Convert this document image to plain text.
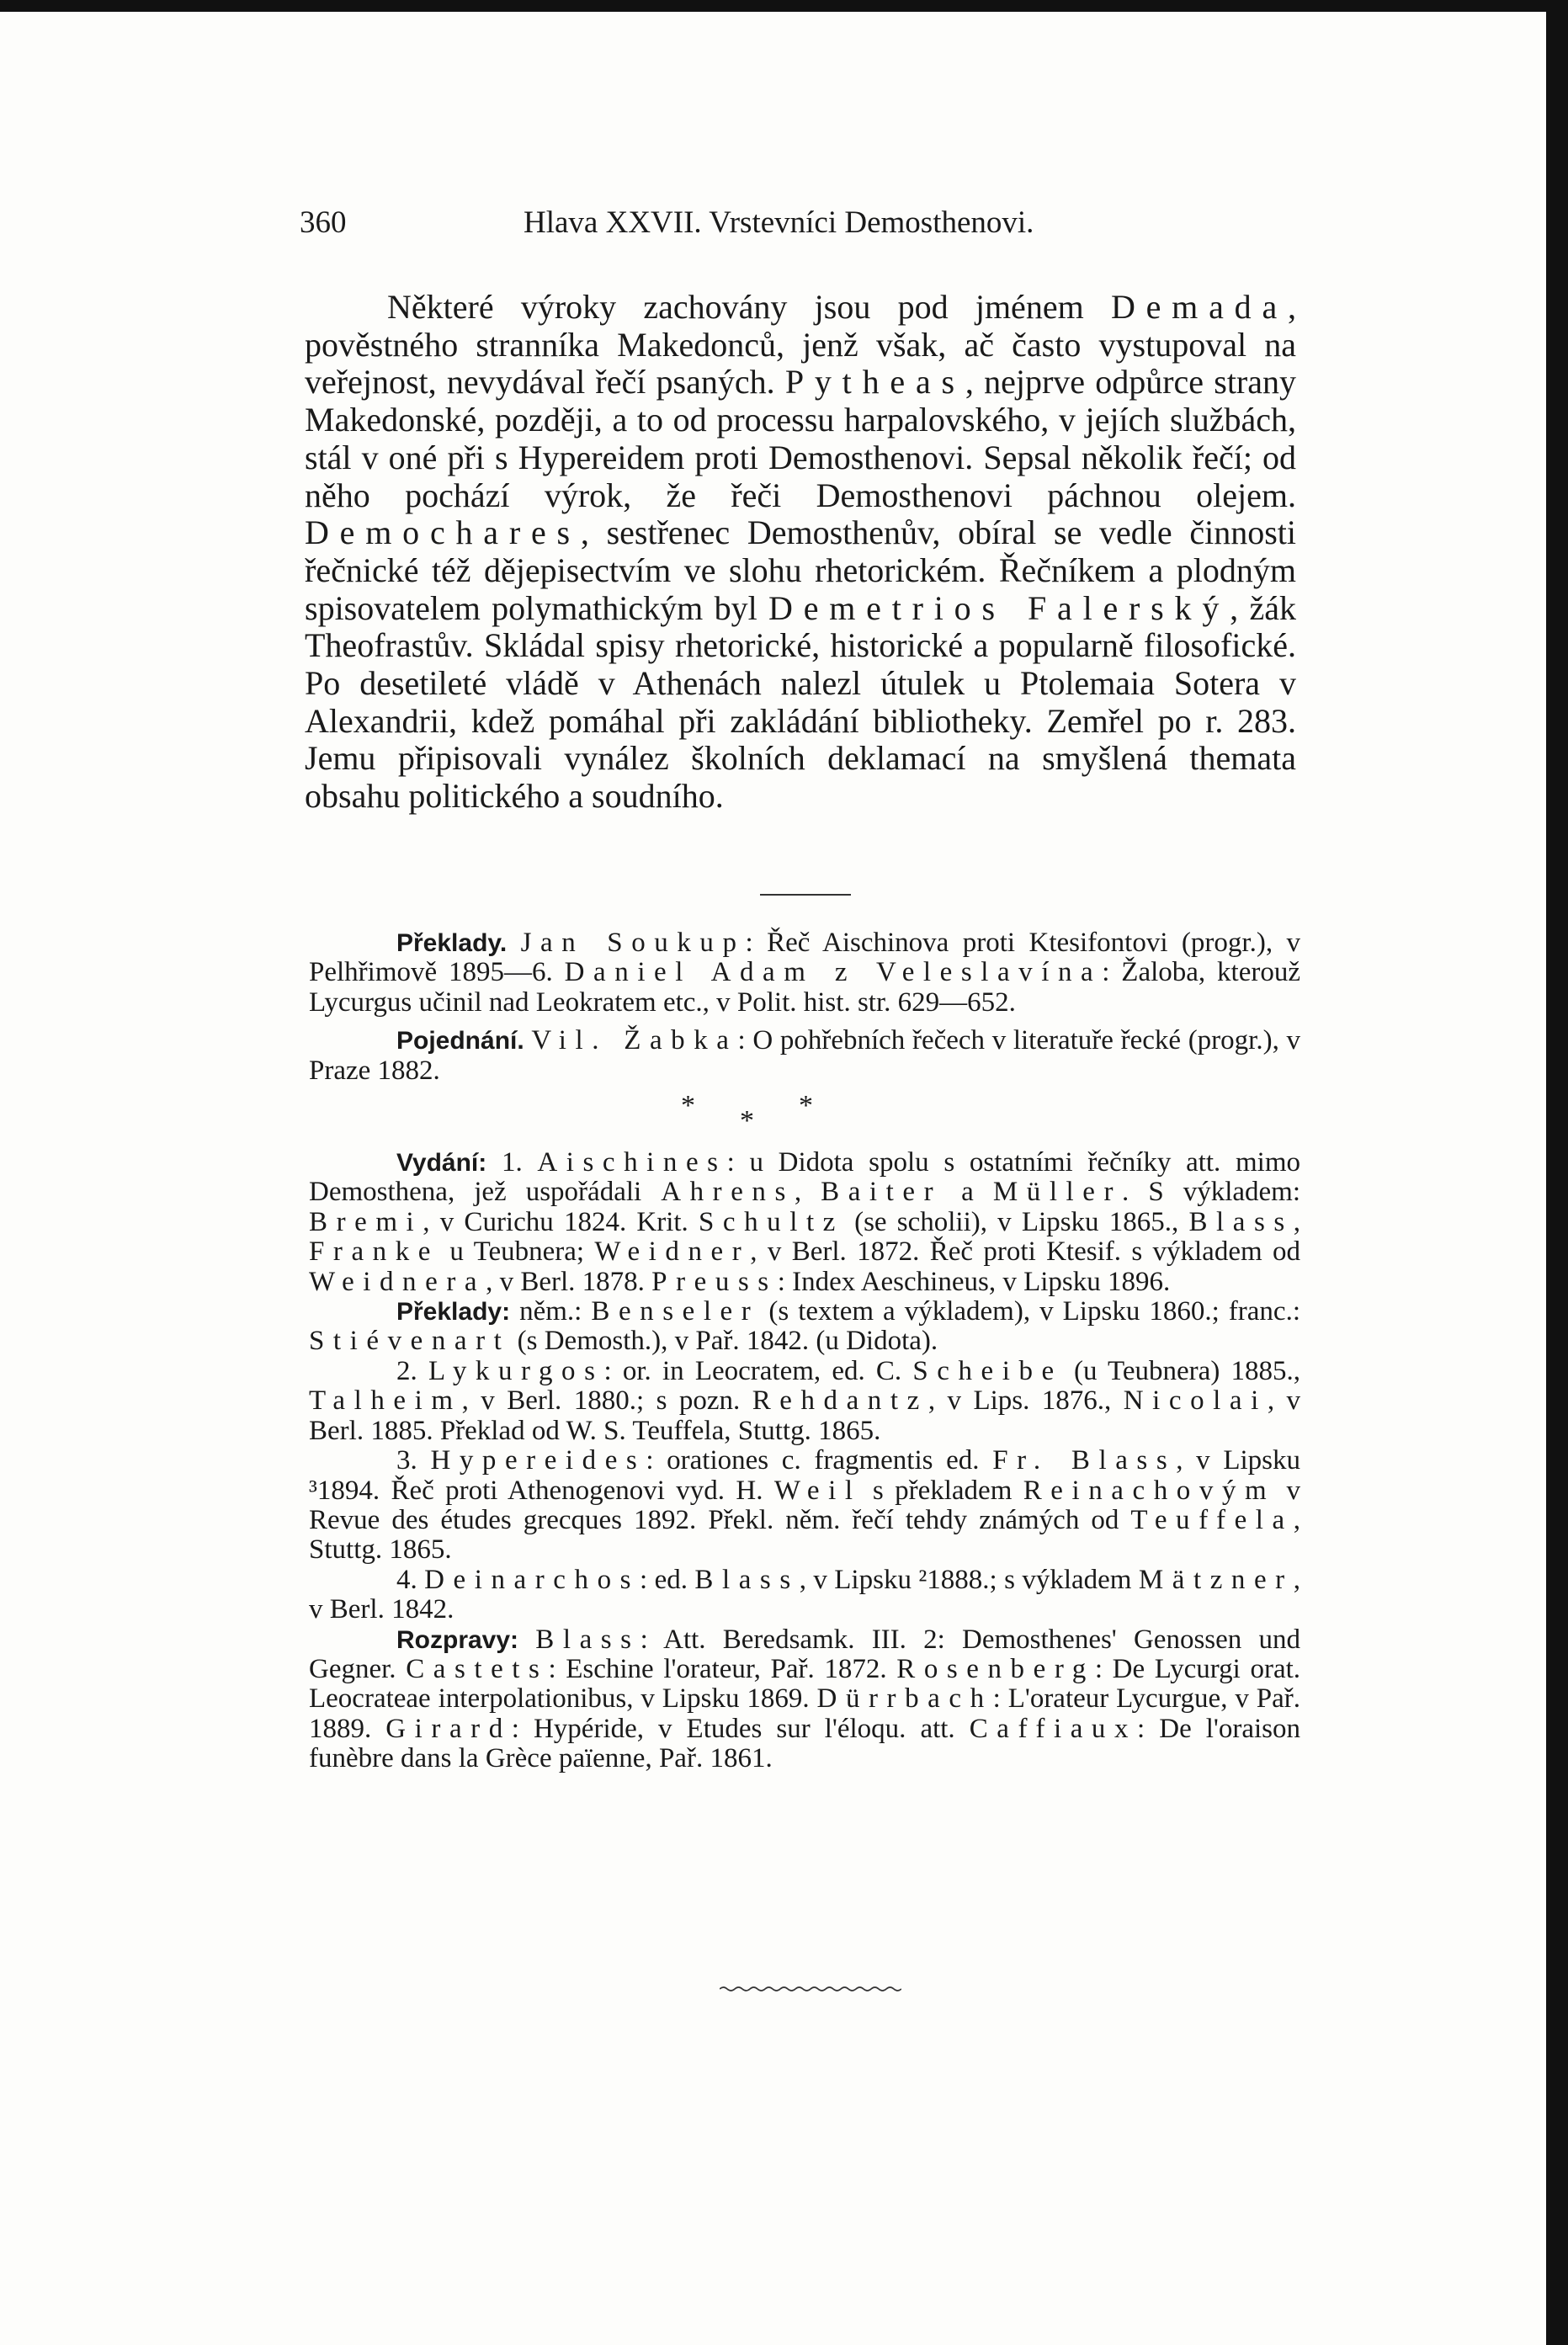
360	Hlava XXVII. Vrstevníci Demosthenovi.

Některé výroky zachovány jsou pod jménem Demada, pověstného stranníka Makedonců, jenž však, ač často vystupoval na veřejnost, nevydával řečí psaných. Pytheas, nejprve odpůrce strany Makedonské, později, a to od processu harpalovského, v jejích službách, stál v oné při s Hypereidem proti Demosthenovi. Sepsal několik řečí; od něho pochází výrok, že řeči Demosthenovi páchnou olejem. Demochares, sestřenec Demosthenův, obíral se vedle činnosti řečnické též dějepisectvím ve slohu rhetorickém. Řečníkem a plodným spisovatelem polymathickým byl Demetrios Falerský, žák Theofrastův. Skládal spisy rhetorické, historické a popularně filosofické. Po desetileté vládě v Athenách nalezl útulek u Ptolemaia Sotera v Alexandrii, kdež pomáhal při zakládání bibliotheky. Zemřel po r. 283. Jemu připisovali vynález školních deklamací na smyšlená themata obsahu politického a soudního.

Překlady. Jan Soukup: Řeč Aischinova proti Ktesifontovi (progr.), v Pelhřimově 1895—6. Daniel Adam z Veleslavína: Žaloba, kterouž Lycurgus učinil nad Leokratem etc., v Polit. hist. str. 629—652.

Pojednání. Vil. Žabka: O pohřebních řečech v literatuře řecké (progr.), v Praze 1882.

*	*
*

Vydání: 1. Aischines: u Didota spolu s ostatními řečníky att. mimo Demosthena, jež uspořádali Ahrens, Baiter a Müller. S výkladem: Bremi, v Curichu 1824. Krit. Schultz (se scholii), v Lipsku 1865., Blass, Franke u Teubnera; Weidner, v Berl. 1872. Řeč proti Ktesif. s výkladem od Weidnera, v Berl. 1878. Preuss: Index Aeschineus, v Lipsku 1896.

Překlady: něm.: Benseler (s textem a výkladem), v Lipsku 1860.; franc.: Stiévenart (s Demosth.), v Pař. 1842. (u Didota).

2. Lykurgos: or. in Leocratem, ed. C. Scheibe (u Teubnera) 1885., Talheim, v Berl. 1880.; s pozn. Rehdantz, v Lips. 1876., Nicolai, v Berl. 1885. Překlad od W. S. Teuffela, Stuttg. 1865.

3. Hypereides: orationes c. fragmentis ed. Fr. Blass, v Lipsku ³1894. Řeč proti Athenogenovi vyd. H. Weil s překladem Reinachovým v Revue des études grecques 1892. Překl. něm. řečí tehdy známých od Teuffela, Stuttg. 1865.

4. Deinarchos: ed. Blass, v Lipsku ²1888.; s výkladem Mätzner, v Berl. 1842.

Rozpravy: Blass: Att. Beredsamk. III. 2: Demosthenes' Genossen und Gegner. Castets: Eschine l'orateur, Pař. 1872. Rosenberg: De Lycurgi orat. Leocrateae interpolationibus, v Lipsku 1869. Dürrbach: L'orateur Lycurgue, v Pař. 1889. Girard: Hypéride, v Etudes sur l'éloqu. att. Caffiaux: De l'oraison funèbre dans la Grèce païenne, Pař. 1861.
